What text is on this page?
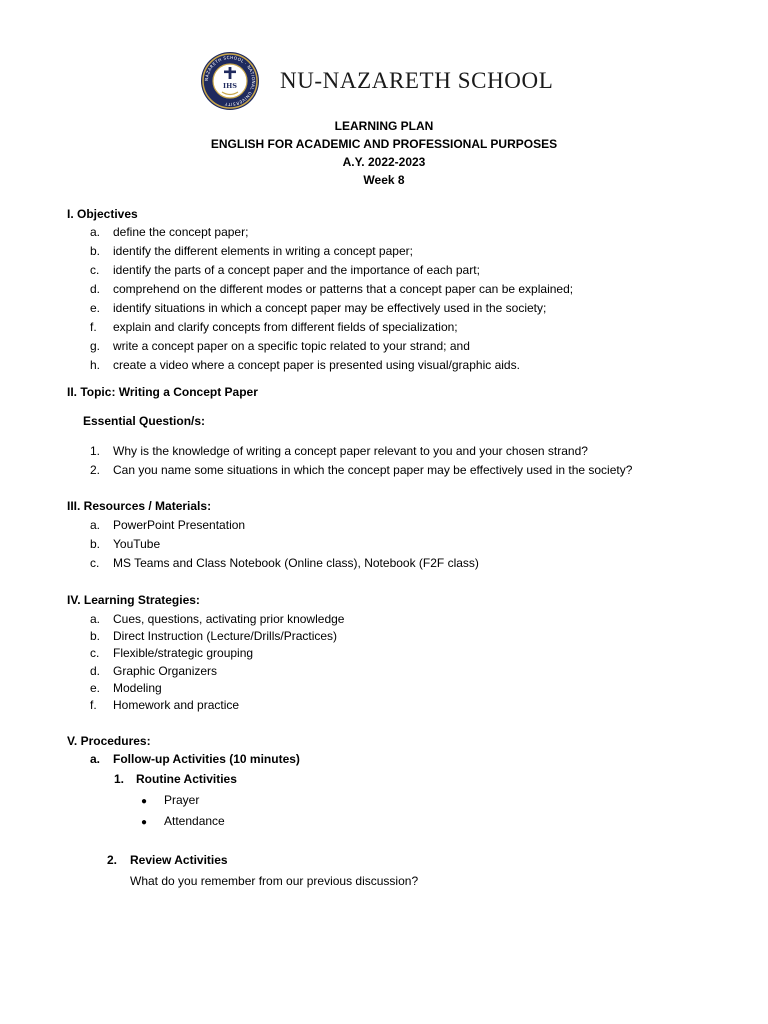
NAZARETH SCHOOL · NATIONAL UNIVERSITY
IHS NU-NAZARETH SCHOOL
LEARNING PLAN
ENGLISH FOR ACADEMIC AND PROFESSIONAL PURPOSES
A.Y. 2022-2023
Week 8
I. Objectives
a.	define the concept paper;
b.	identify the different elements in writing a concept paper;
c.	identify the parts of a concept paper and the importance of each part;
d.	comprehend on the different modes or patterns that a concept paper can be explained;
e.	identify situations in which a concept paper may be effectively used in the society;
f.	explain and clarify concepts from different fields of specialization;
g.	write a concept paper on a specific topic related to your strand; and
h.	create a video where a concept paper is presented using visual/graphic aids.
II. Topic: Writing a Concept Paper
Essential Question/s:
1.	Why is the knowledge of writing a concept paper relevant to you and your chosen strand?
2.	Can you name some situations in which the concept paper may be effectively used in the society?
III. Resources / Materials:
a.	PowerPoint Presentation
b.	YouTube
c.	MS Teams and Class Notebook (Online class), Notebook (F2F class)
IV. Learning Strategies:
a.	Cues, questions, activating prior knowledge
b.	Direct Instruction (Lecture/Drills/Practices)
c.	Flexible/strategic grouping
d.	Graphic Organizers
e.	Modeling
f.	Homework and practice
V. Procedures:
a. Follow-up Activities (10 minutes)
1. Routine Activities
● Prayer
● Attendance
2. Review Activities
What do you remember from our previous discussion?
